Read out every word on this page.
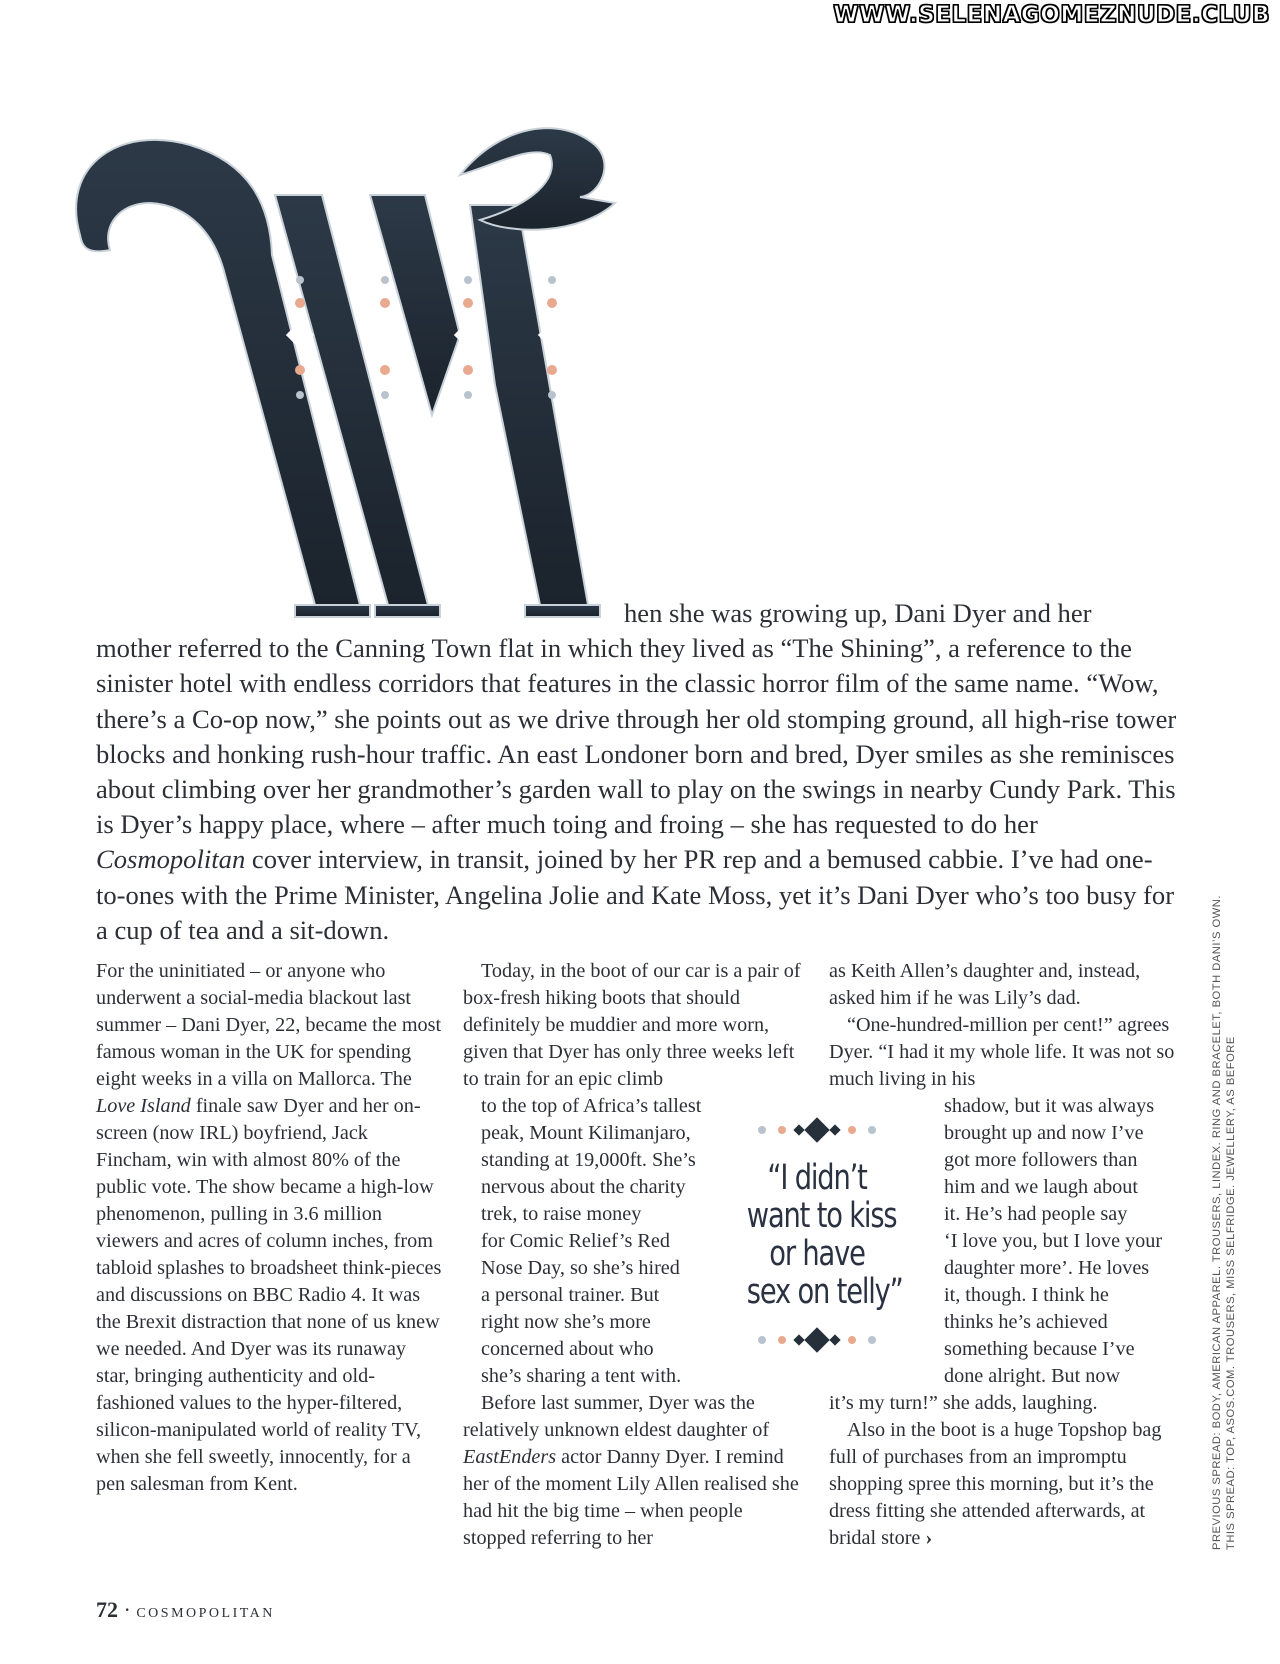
WWW.SELENAGOMEZNUDE.CLUB
hen she was growing up, Dani Dyer and her
mother referred to the Canning Town flat in which they lived as “The Shining”, a reference to the sinister hotel with endless corridors that features in the classic horror film of the same name. “Wow, there’s a Co-op now,” she points out as we drive through her old stomping ground, all high-rise tower blocks and honking rush-hour traffic. An east Londoner born and bred, Dyer smiles as she reminisces about climbing over her grandmother’s garden wall to play on the swings in nearby Cundy Park. This is Dyer’s happy place, where – after much toing and froing – she has requested to do her Cosmopolitan cover interview, in transit, joined by her PR rep and a bemused cabbie. I’ve had one-to-ones with the Prime Minister, Angelina Jolie and Kate Moss, yet it’s Dani Dyer who’s too busy for a cup of tea and a sit-down.

For the uninitiated – or anyone who underwent a social-media blackout last summer – Dani Dyer, 22, became the most famous woman in the UK for spending eight weeks in a villa on Mallorca. The Love Island finale saw Dyer and her on-screen (now IRL) boyfriend, Jack Fincham, win with almost 80% of the public vote. The show became a high-low phenomenon, pulling in 3.6 million viewers and acres of column inches, from tabloid splashes to broadsheet think-pieces and discussions on BBC Radio 4. It was the Brexit distraction that none of us knew we needed. And Dyer was its runaway star, bringing authenticity and old-fashioned values to the hyper-filtered, silicon-manipulated world of reality TV, when she fell sweetly, innocently, for a pen salesman from Kent.

Today, in the boot of our car is a pair of box-fresh hiking boots that should definitely be muddier and more worn, given that Dyer has only three weeks left to train for an epic climb
to the top of Africa’s tallest
peak, Mount Kilimanjaro,
standing at 19,000ft. She’s
nervous about the charity
trek, to raise money
for Comic Relief’s Red
Nose Day, so she’s hired
a personal trainer. But
right now she’s more
concerned about who
she’s sharing a tent with.

Before last summer, Dyer was the relatively unknown eldest daughter of EastEnders actor Danny Dyer. I remind her of the moment Lily Allen realised she had hit the big time – when people stopped referring to her

as Keith Allen’s daughter and, instead, asked him if he was Lily’s dad.

“One-hundred-million per cent!” agrees Dyer. “I had it my whole life. It was not so much living in his
shadow, but it was always
brought up and now I’ve
got more followers than
him and we laugh about
it. He’s had people say
‘I love you, but I love your
daughter more’. He loves
it, though. I think he
thinks he’s achieved
something because I’ve
done alright. But now
it’s my turn!” she adds, laughing.

Also in the boot is a huge Topshop bag full of purchases from an impromptu shopping spree this morning, but it’s the dress fitting she attended afterwards, at bridal store ›

“I didn’t
want to kiss
or have
sex on telly”
72 · COSMOPOLITAN
PREVIOUS SPREAD: BODY, AMERICAN APPAREL. TROUSERS, LINDEX. RING AND BRACELET, BOTH DANI’S OWN. THIS SPREAD: TOP, ASOS.COM. TROUSERS, MISS SELFRIDGE. JEWELLERY, AS BEFORE
